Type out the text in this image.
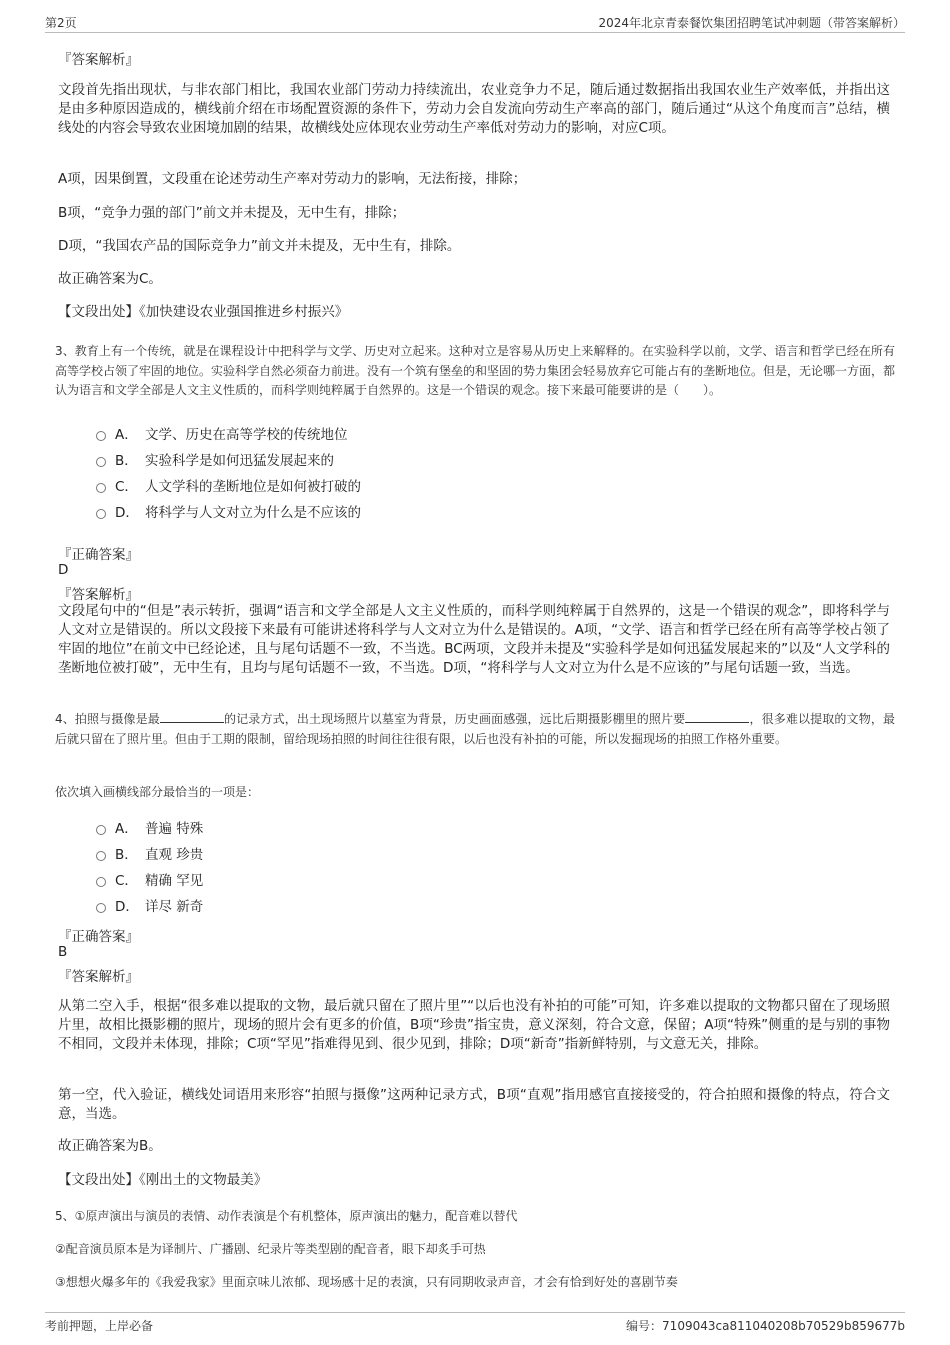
第2页	2024年北京青泰餐饮集团招聘笔试冲刺题（带答案解析）
『答案解析』
文段首先指出现状，与非农部门相比，我国农业部门劳动力持续流出，农业竞争力不足，随后通过数据指出我国农业生产效率低，并指出这是由多种原因造成的，横线前介绍在市场配置资源的条件下，劳动力会自发流向劳动生产率高的部门，随后通过“从这个角度而言”总结，横线处的内容会导致农业困境加剧的结果，故横线处应体现农业劳动生产率低对劳动力的影响，对应C项。
A项，因果倒置，文段重在论述劳动生产率对劳动力的影响，无法衔接，排除；
B项，“竞争力强的部门”前文并未提及，无中生有，排除；
D项，“我国农产品的国际竞争力”前文并未提及，无中生有，排除。
故正确答案为C。
【文段出处】《加快建设农业强国推进乡村振兴》
3、教育上有一个传统，就是在课程设计中把科学与文学、历史对立起来。这种对立是容易从历史上来解释的。在实验科学以前，文学、语言和哲学已经在所有高等学校占领了牢固的地位。实验科学自然必须奋力前进。没有一个筑有堡垒的和坚固的势力集团会轻易放弃它可能占有的垄断地位。但是，无论哪一方面，都认为语言和文学全部是人文主义性质的，而科学则纯粹属于自然界的。这是一个错误的观念。接下来最可能要讲的是（　　）。
A． 文学、历史在高等学校的传统地位
B． 实验科学是如何迅猛发展起来的
C． 人文学科的垄断地位是如何被打破的
D． 将科学与人文对立为什么是不应该的
『正确答案』
D
『答案解析』
文段尾句中的“但是”表示转折，强调“语言和文学全部是人文主义性质的，而科学则纯粹属于自然界的，这是一个错误的观念”，即将科学与人文对立是错误的。所以文段接下来最有可能讲述将科学与人文对立为什么是错误的。A项，“文学、语言和哲学已经在所有高等学校占领了牢固的地位”在前文中已经论述，且与尾句话题不一致，不当选。BC两项，文段并未提及“实验科学是如何迅猛发展起来的”以及“人文学科的垄断地位被打破”，无中生有，且均与尾句话题不一致，不当选。D项，“将科学与人文对立为什么是不应该的”与尾句话题一致，当选。
4、拍照与摄像是最	的记录方式，出土现场照片以墓室为背景，历史画面感强，远比后期摄影棚里的照片要	，很多难以提取的文物，最后就只留在了照片里。但由于工期的限制，留给现场拍照的时间往往很有限，以后也没有补拍的可能，所以发掘现场的拍照工作格外重要。
依次填入画横线部分最恰当的一项是：
A． 普遍 特殊
B． 直观 珍贵
C． 精确 罕见
D． 详尽 新奇
『正确答案』
B
『答案解析』
从第二空入手，根据“很多难以提取的文物，最后就只留在了照片里”“以后也没有补拍的可能”可知，许多难以提取的文物都只留在了现场照片里，故相比摄影棚的照片，现场的照片会有更多的价值，B项“珍贵”指宝贵，意义深刻，符合文意，保留；A项“特殊”侧重的是与别的事物不相同，文段并未体现，排除；C项“罕见”指难得见到、很少见到，排除；D项“新奇”指新鲜特别，与文意无关，排除。
第一空，代入验证，横线处词语用来形容“拍照与摄像”这两种记录方式，B项“直观”指用感官直接接受的，符合拍照和摄像的特点，符合文意，当选。
故正确答案为B。
【文段出处】《刚出土的文物最美》
5、①原声演出与演员的表情、动作表演是个有机整体，原声演出的魅力，配音难以替代
②配音演员原本是为译制片、广播剧、纪录片等类型剧的配音者，眼下却炙手可热
③想想火爆多年的《我爱我家》里面京味儿浓郁、现场感十足的表演，只有同期收录声音，才会有恰到好处的喜剧节奏
考前押题，上岸必备	编号：7109043ca811040208b70529b859677b
